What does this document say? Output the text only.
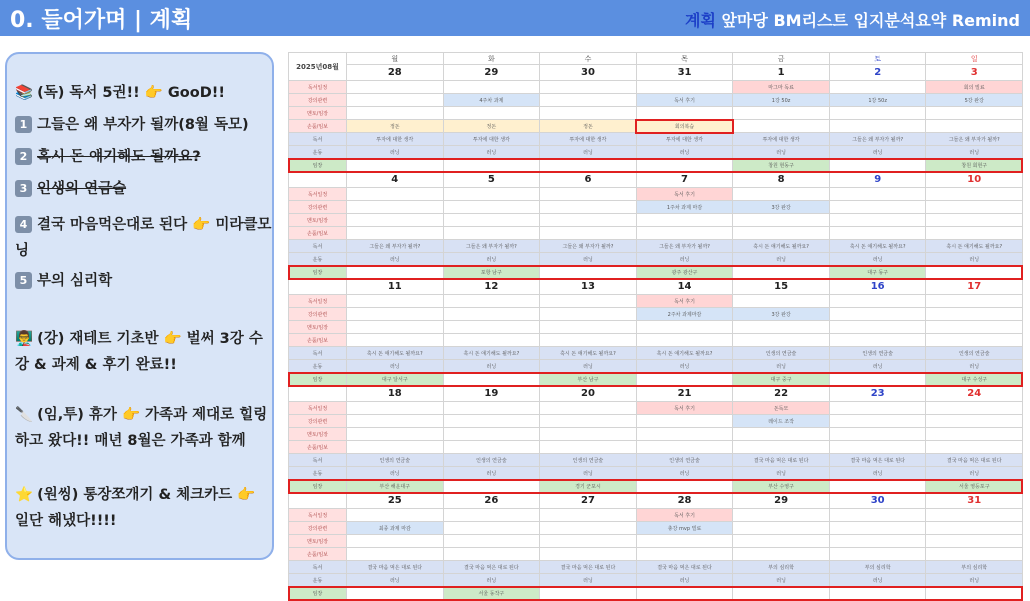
0. 들어가며 | 계획	계획 앞마당 BM리스트 입지분석요약 Remind
📚 (독) 독서 5권!! 👉 GooD!!
1 그들은 왜 부자가 될까(8월 독모)
2 혹시 돈 얘기해도 될까요?
3 인생의 연금술
4 결국 마음먹은대로 된다 👉 미라클모닝
5 부의 심리학
👨‍🏫 (강) 재테트 기초반 👉 벌써 3강 수강 & 과제 & 후기 완료!!
🔪 (임,투) 휴가 👉 가족과 제대로 힐링하고 왔다!! 매년 8월은 가족과 함께
⭐ (원씽) 통장쪼개기 & 체크카드 👉 일단 해냈다!!!!
2025년08월	월	화	수	목	금	토	일
	28	29	30	31	1	2	3
독서일정					마그마 독료		회의 빌료
강의관련		4주차 과제		독서 후기	1강 50z	1강 50z	5강 완강
멘토/임장							
손품/임보	정돈	정돈	정돈	회의복습			
독서	투자에 대한 생각	투자에 대한 생각	투자에 대한 생각	투자에 대한 생각	투자에 대한 생각	그들은 왜 부자가 될까?	그들은 왜 부자가 될까?
운동	러닝	러닝	러닝	러닝	러닝	러닝	러닝
임장					창원 현동구		창원 회현구
	4	5	6	7	8	9	10
독서일정				독서 후기			
강의관련				1주차 과제 마감	3강 완강		
멘토/임장							
손품/임보							
독서	그들은 왜 부자가 될까?	그들은 왜 부자가 될까?	그들은 왜 부자가 될까?	그들은 왜 부자가 될까?	혹시 돈 얘기해도 될까요?	혹시 돈 얘기해도 될까요?	혹시 돈 얘기해도 될까요?
운동	러닝	러닝	러닝	러닝	러닝	러닝	러닝
임장		포항 남구		광주 광산구		대구 동구	
	11	12	13	14	15	16	17
독서일정				독서 후기			
강의관련				2주차 과제마감	3강 완강		
멘토/임장							
손품/임보							
독서	혹시 돈 얘기해도 될까요?	혹시 돈 얘기해도 될까요?	혹시 돈 얘기해도 될까요?	혹시 돈 얘기해도 될까요?	인생의 연금술	인생의 연금술	인생의 연금술
운동	러닝	러닝	러닝	러닝	러닝	러닝	러닝
임장	대구 달서구		부산 남구		대구 중구		대구 수성구
	18	19	20	21	22	23	24
독서일정				독서 후기	돈독모		
강의관련					레이드 조작		
멘토/임장							
손품/임보							
독서	인생의 연금술	인생의 연금술	인생의 연금술	인생의 연금술	결국 마음 먹은 대로 된다	결국 마음 먹은 대로 된다	결국 마음 먹은 대로 된다
운동	러닝	러닝	러닝	러닝	러닝	러닝	러닝
임장	부산 해운대구		경기 군포시		부산 수영구		서울 영등포구
	25	26	27	28	29	30	31
독서일정				독서 후기			
강의관련	최종 과제 마감			총강 mvp 빌료			
멘토/임장							
손품/임보							
독서	결국 마음 먹은 대로 된다	결국 마음 먹은 대로 된다	결국 마음 먹은 대로 된다	결국 마음 먹은 대로 된다	부의 심리학	부의 심리학	부의 심리학
운동	러닝	러닝	러닝	러닝	러닝	러닝	러닝
임장		서울 동작구					
